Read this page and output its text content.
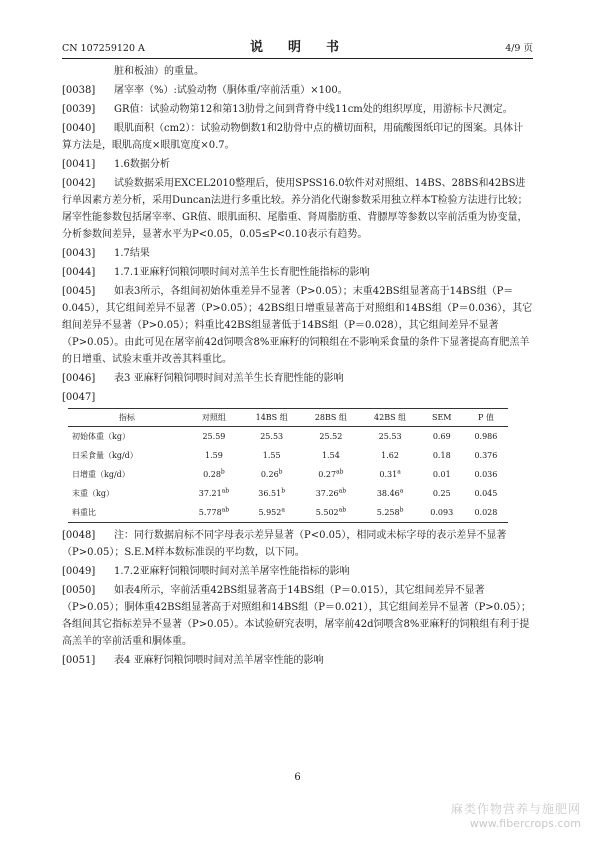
CN 107259120 A	说　明　书	4/9 页
脏和板油）的重量。
[0038] 屠宰率（%）:试验动物（胴体重/宰前活重）×100。
[0039] GR值：试验动物第12和第13肋骨之间到背脊中线11cm处的组织厚度，用游标卡尺测定。
[0040] 眼肌面积（cm2）：试验动物倒数1和2肋骨中点的横切面积，用硫酸图纸印记的图案。具体计算方法是，眼肌高度×眼肌宽度×0.7。
[0041] 1.6数据分析
[0042] 试验数据采用EXCEL2010整理后，使用SPSS16.0软件对对照组、14BS、28BS和42BS进行单因素方差分析，采用Duncan法进行多重比较。养分消化代谢参数采用独立样本T检验方法进行比较；屠宰性能参数包括屠宰率、GR值、眼肌面积、尾脂重、肾周脂肪重、背膘厚等参数以宰前活重为协变量，分析参数间差异，显著水平为P<0.05，0.05≤P<0.10表示有趋势。
[0043] 1.7结果
[0044] 1.7.1亚麻籽饲粮饲喂时间对羔羊生长育肥性能指标的影响
[0045] 如表3所示，各组间初始体重差异不显著（P>0.05）；末重42BS组显著高于14BS组（P＝0.045），其它组间差异不显著（P>0.05）；42BS组日增重显著高于对照组和14BS组（P＝0.036），其它组间差异不显著（P>0.05）；料重比42BS组显著低于14BS组（P＝0.028），其它组间差异不显著（P>0.05）。由此可见在屠宰前42d饲喂含8%亚麻籽的饲粮组在不影响采食量的条件下显著提高育肥羔羊的日增重、试验末重并改善其料重比。
[0046] 表3 亚麻籽饲粮饲喂时间对羔羊生长育肥性能的影响
[0047]
指标	对照组	14BS 组	28BS 组	42BS 组	SEM	P 值
初始体重（kg）	25.59	25.53	25.52	25.53	0.69	0.986
日采食量（kg/d）	1.59	1.55	1.54	1.62	0.18	0.376
日增重（kg/d）	0.28$^b$	0.26$^b$	0.27$^{ab}$	0.31$^a$	0.01	0.036
末重（kg）	37.21$^{ab}$	36.51$^b$	37.26$^{ab}$	38.46$^a$	0.25	0.045
料重比	5.778$^{ab}$	5.952$^a$	5.502$^{ab}$	5.258$^b$	0.093	0.028
[0048] 注：同行数据肩标不同字母表示差异显著（P<0.05），相同或未标字母的表示差异不显著（P>0.05）；S.E.M样本数标准误的平均数，以下同。
[0049] 1.7.2亚麻籽饲粮饲喂时间对羔羊屠宰性能指标的影响
[0050] 如表4所示，宰前活重42BS组显著高于14BS组（P＝0.015），其它组间差异不显著（P>0.05）；胴体重42BS组显著高于对照组和14BS组（P＝0.021），其它组间差异不显著（P>0.05）；各组间其它指标差异不显著（P>0.05）。本试验研究表明，屠宰前42d饲喂含8%亚麻籽的饲粮组有利于提高羔羊的宰前活重和胴体重。
[0051] 表4 亚麻籽饲粮饲喂时间对羔羊屠宰性能的影响
6
麻类作物营养与施肥网
www.fibercrops.com
